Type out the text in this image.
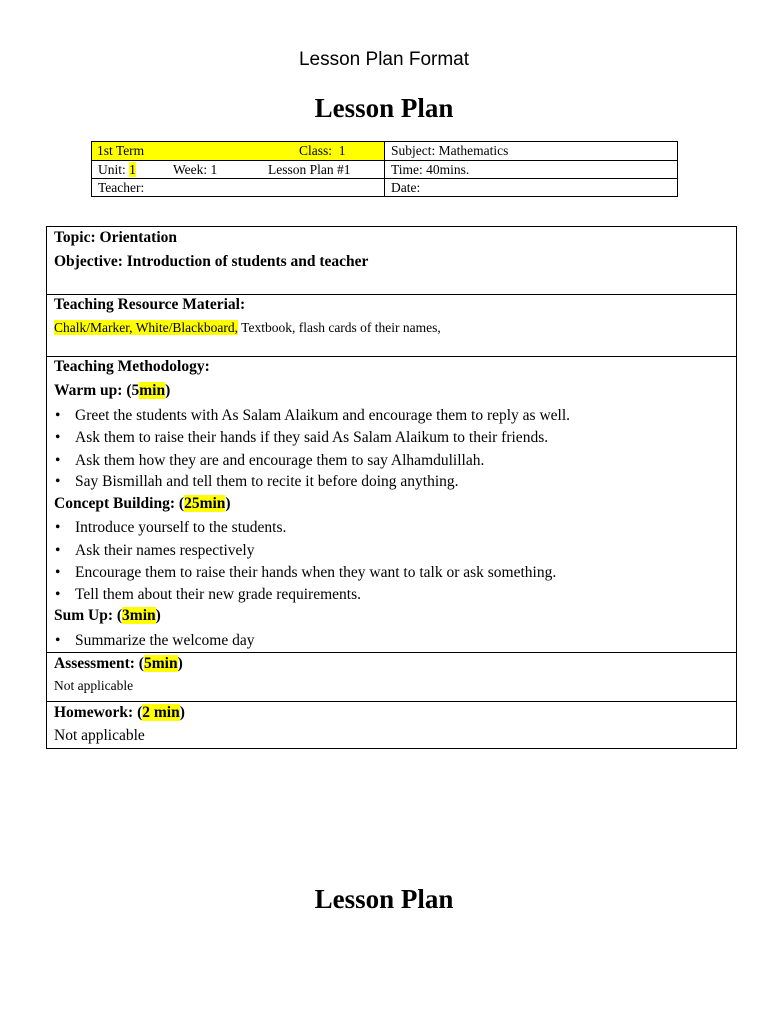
Lesson Plan Format
Lesson Plan
1st Term	Class: 1	Subject: Mathematics
Unit: 1	Week: 1	Lesson Plan #1	Time: 40mins.
Teacher:	Date:
Topic: Orientation
Objective: Introduction of students and teacher
Teaching Resource Material:
Chalk/Marker, White/Blackboard, Textbook, flash cards of their names,
Teaching Methodology:
Warm up: (5min)
• Greet the students with As Salam Alaikum and encourage them to reply as well.
• Ask them to raise their hands if they said As Salam Alaikum to their friends.
• Ask them how they are and encourage them to say Alhamdulillah.
• Say Bismillah and tell them to recite it before doing anything.
Concept Building: (25min)
• Introduce yourself to the students.
• Ask their names respectively
• Encourage them to raise their hands when they want to talk or ask something.
• Tell them about their new grade requirements.
Sum Up: (3min)
• Summarize the welcome day
Assessment: (5min)
Not applicable
Homework: (2 min)
Not applicable
Lesson Plan
